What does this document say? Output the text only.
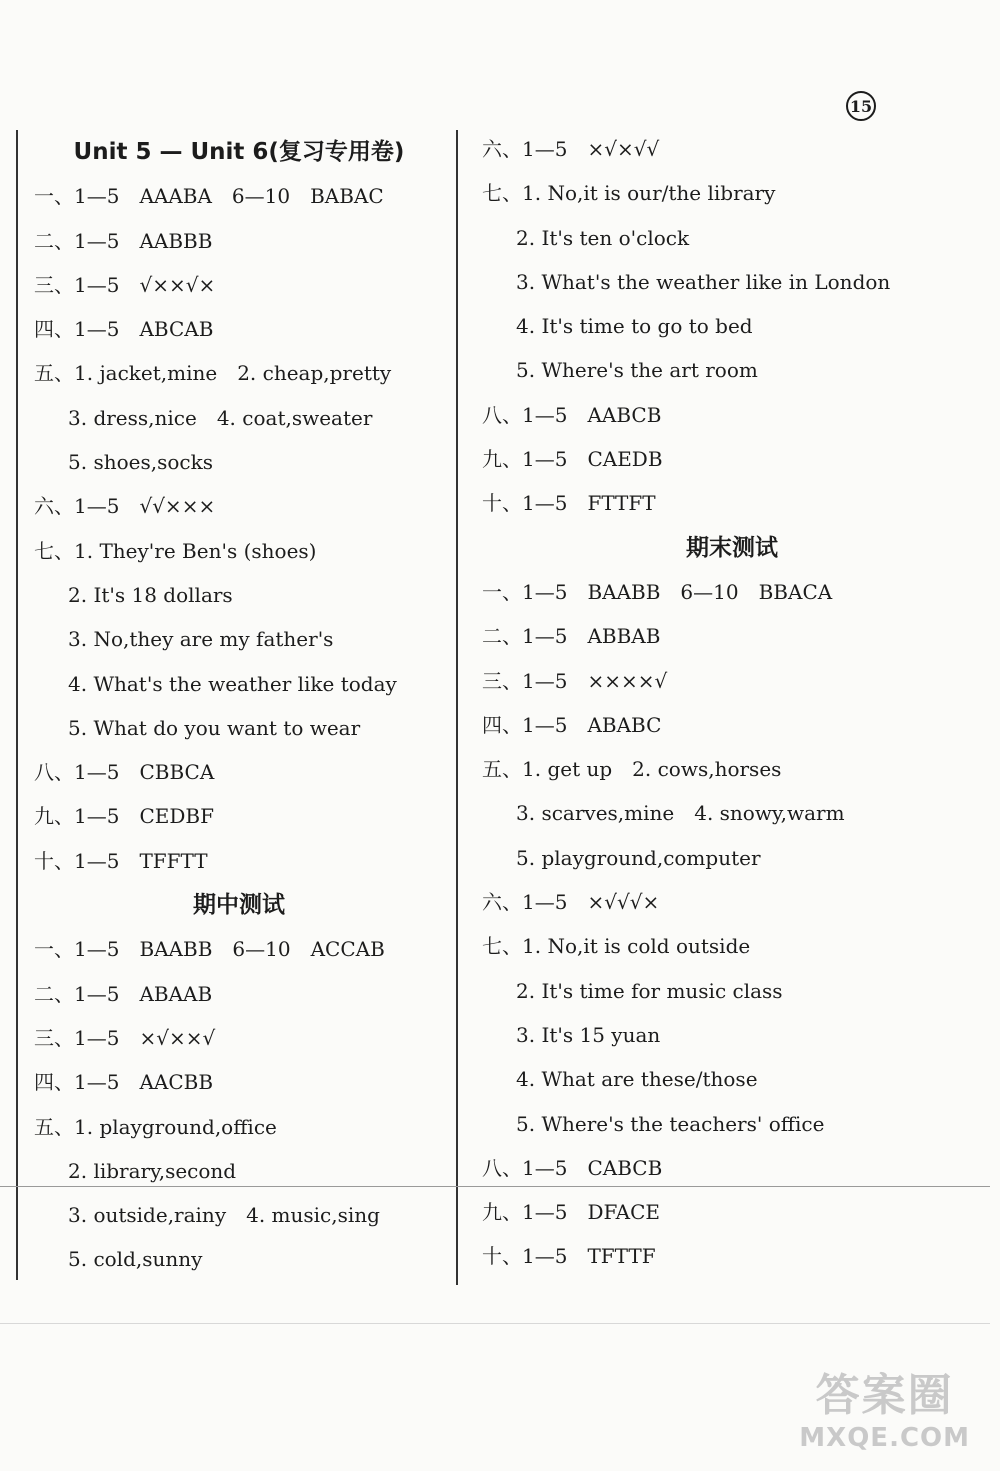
15
Unit 5 — Unit 6(复习专用卷)
一、1—5　AAABA　6—10　BABAC
二、1—5　AABBB
三、1—5　√××√×
四、1—5　ABCAB
五、1. jacket,mine　2. cheap,pretty
3. dress,nice　4. coat,sweater
5. shoes,socks
六、1—5　√√×××
七、1. They're Ben's (shoes)
2. It's 18 dollars
3. No,they are my father's
4. What's the weather like today
5. What do you want to wear
八、1—5　CBBCA
九、1—5　CEDBF
十、1—5　TFFTT
期中测试
一、1—5　BAABB　6—10　ACCAB
二、1—5　ABAAB
三、1—5　×√××√
四、1—5　AACBB
五、1. playground,office
2. library,second
3. outside,rainy　4. music,sing
5. cold,sunny
六、1—5　×√×√√
七、1. No,it is our/the library
2. It's ten o'clock
3. What's the weather like in London
4. It's time to go to bed
5. Where's the art room
八、1—5　AABCB
九、1—5　CAEDB
十、1—5　FTTFT
期末测试
一、1—5　BAABB　6—10　BBACA
二、1—5　ABBAB
三、1—5　××××√
四、1—5　ABABC
五、1. get up　2. cows,horses
3. scarves,mine　4. snowy,warm
5. playground,computer
六、1—5　×√√√×
七、1. No,it is cold outside
2. It's time for music class
3. It's 15 yuan
4. What are these/those
5. Where's the teachers' office
八、1—5　CABCB
九、1—5　DFACE
十、1—5　TFTTF
答案圈
MXQE.COM
